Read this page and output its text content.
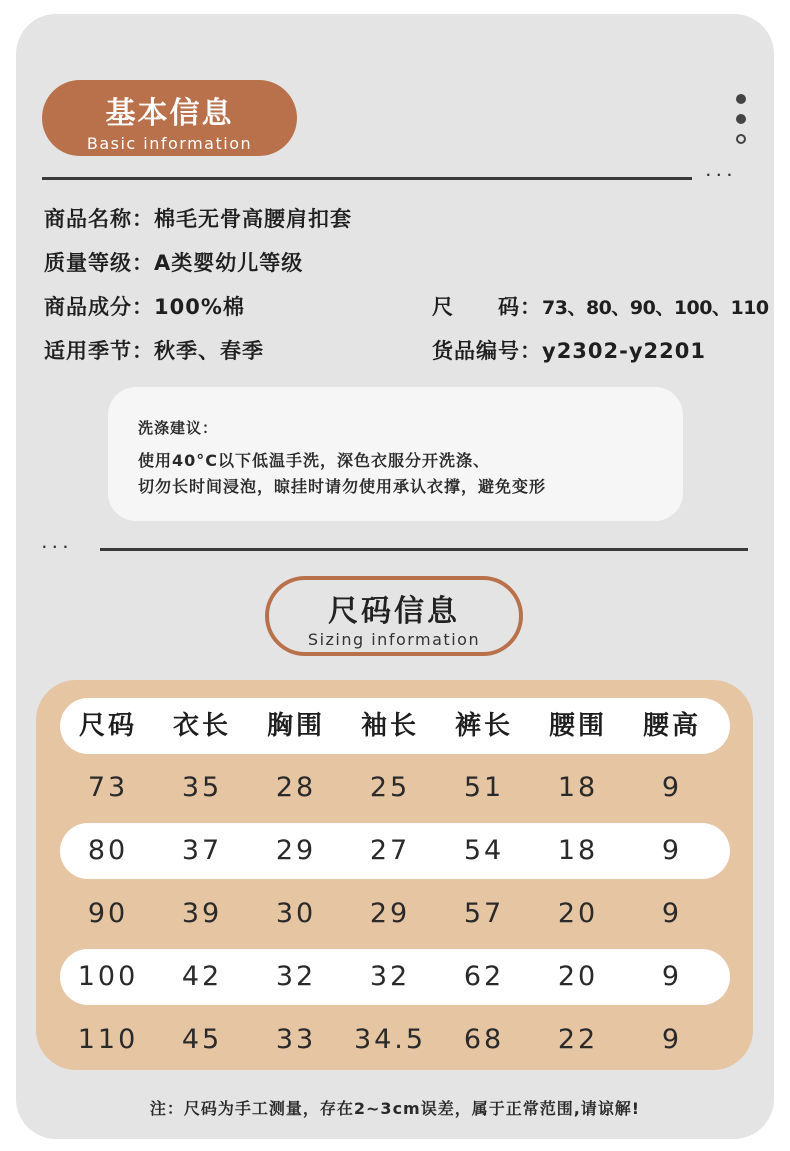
基本信息
Basic information
···
商品名称：棉毛无骨高腰肩扣套
质量等级：A类婴幼儿等级
商品成分：100%棉	尺　　码：73、80、90、100、110
适用季节：秋季、春季	货品编号：y2302-y2201
洗涤建议：
使用40°C以下低温手洗，深色衣服分开洗涤、
切勿长时间浸泡，晾挂时请勿使用承认衣撑，避免变形
···
尺码信息
Sizing information
尺码	衣长	胸围	袖长	裤长	腰围	腰高
73	35	28	25	51	18	9
80	37	29	27	54	18	9
90	39	30	29	57	20	9
100	42	32	32	62	20	9
110	45	33	34.5	68	22	9
注：尺码为手工测量，存在2~3cm误差，属于正常范围,请谅解!
